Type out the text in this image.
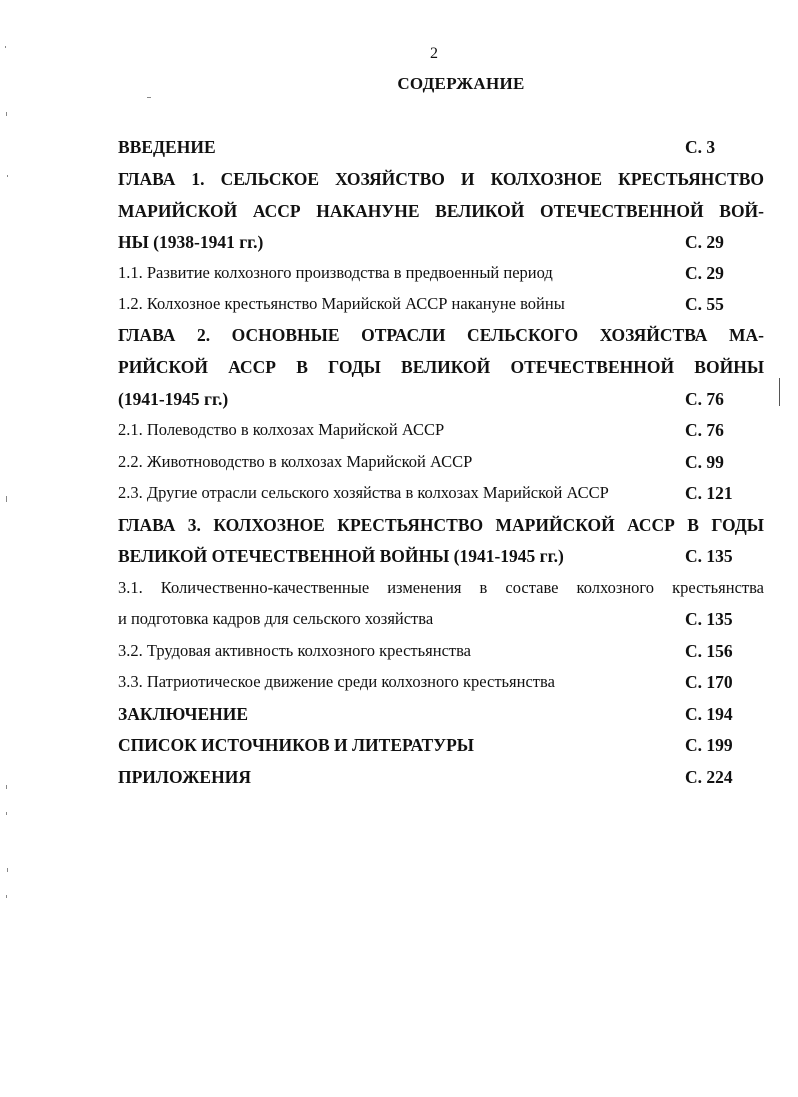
2
СОДЕРЖАНИЕ
ВВЕДЕНИЕ	С. 3
ГЛАВА 1. СЕЛЬСКОЕ ХОЗЯЙСТВО И КОЛХОЗНОЕ КРЕСТЬЯНСТВО
МАРИЙСКОЙ АССР НАКАНУНЕ ВЕЛИКОЙ ОТЕЧЕСТВЕННОЙ ВОЙ-
НЫ (1938-1941 гг.)	С. 29
1.1. Развитие колхозного производства в предвоенный период	С. 29
1.2. Колхозное крестьянство Марийской АССР накануне войны	С. 55
ГЛАВА 2. ОСНОВНЫЕ ОТРАСЛИ СЕЛЬСКОГО ХОЗЯЙСТВА МА-
РИЙСКОЙ АССР В ГОДЫ ВЕЛИКОЙ ОТЕЧЕСТВЕННОЙ ВОЙНЫ
(1941-1945 гг.)	С. 76
2.1. Полеводство в колхозах Марийской АССР	С. 76
2.2. Животноводство в колхозах Марийской АССР	С. 99
2.3. Другие отрасли сельского хозяйства в колхозах Марийской АССР	С. 121
ГЛАВА 3. КОЛХОЗНОЕ КРЕСТЬЯНСТВО МАРИЙСКОЙ АССР В ГОДЫ
ВЕЛИКОЙ ОТЕЧЕСТВЕННОЙ ВОЙНЫ (1941-1945 гг.)	С. 135
3.1. Количественно-качественные изменения в составе колхозного крестьянства
и подготовка кадров для сельского хозяйства	С. 135
3.2. Трудовая активность колхозного крестьянства	С. 156
3.3. Патриотическое движение среди колхозного крестьянства	С. 170
ЗАКЛЮЧЕНИЕ	С. 194
СПИСОК ИСТОЧНИКОВ И ЛИТЕРАТУРЫ	С. 199
ПРИЛОЖЕНИЯ	С. 224
